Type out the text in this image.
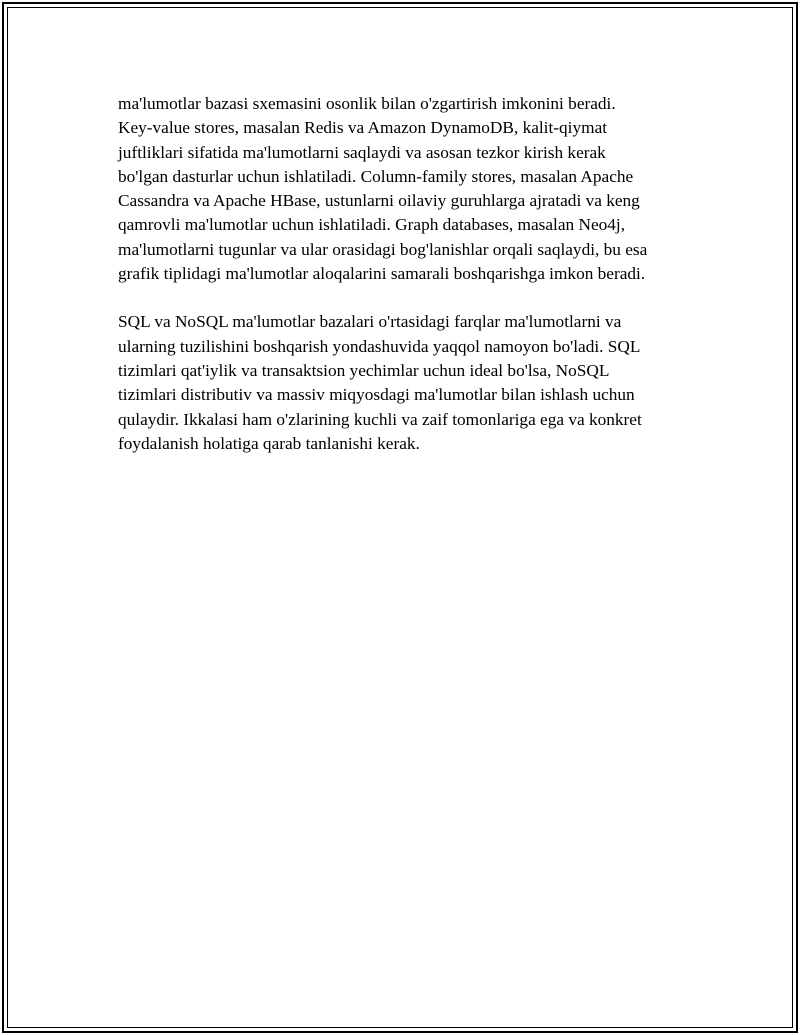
ma'lumotlar bazasi sxemasini osonlik bilan o'zgartirish imkonini beradi.
Key-value stores, masalan Redis va Amazon DynamoDB, kalit-qiymat
juftliklari sifatida ma'lumotlarni saqlaydi va asosan tezkor kirish kerak
bo'lgan dasturlar uchun ishlatiladi. Column-family stores, masalan Apache
Cassandra va Apache HBase, ustunlarni oilaviy guruhlarga ajratadi va keng
qamrovli ma'lumotlar uchun ishlatiladi. Graph databases, masalan Neo4j,
ma'lumotlarni tugunlar va ular orasidagi bog'lanishlar orqali saqlaydi, bu esa
grafik tiplidagi ma'lumotlar aloqalarini samarali boshqarishga imkon beradi.

SQL va NoSQL ma'lumotlar bazalari o'rtasidagi farqlar ma'lumotlarni va
ularning tuzilishini boshqarish yondashuvida yaqqol namoyon bo'ladi. SQL
tizimlari qat'iylik va transaktsion yechimlar uchun ideal bo'lsa, NoSQL
tizimlari distributiv va massiv miqyosdagi ma'lumotlar bilan ishlash uchun
qulaydir. Ikkalasi ham o'zlarining kuchli va zaif tomonlariga ega va konkret
foydalanish holatiga qarab tanlanishi kerak.
